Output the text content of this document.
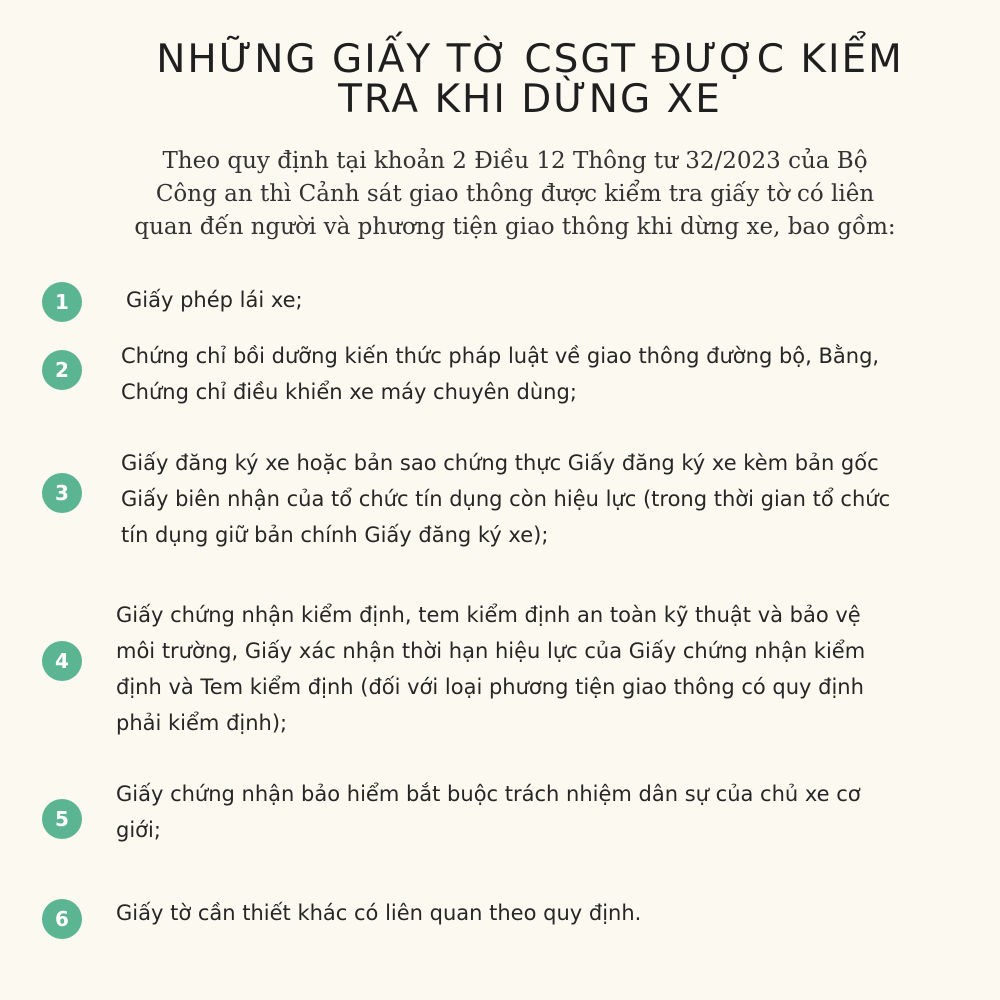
NHỮNG GIẤY TỜ CSGT ĐƯỢC KIỂM
TRA KHI DỪNG XE

Theo quy định tại khoản 2 Điều 12 Thông tư 32/2023 của Bộ Công an thì Cảnh sát giao thông được kiểm tra giấy tờ có liên quan đến người và phương tiện giao thông khi dừng xe, bao gồm:

1	Giấy phép lái xe;

2

Chứng chỉ bồi dưỡng kiến thức pháp luật về giao thông đường bộ, Bằng, Chứng chỉ điều khiển xe máy chuyên dùng;

3

Giấy đăng ký xe hoặc bản sao chứng thực Giấy đăng ký xe kèm bản gốc Giấy biên nhận của tổ chức tín dụng còn hiệu lực (trong thời gian tổ chức tín dụng giữ bản chính Giấy đăng ký xe);

4

Giấy chứng nhận kiểm định, tem kiểm định an toàn kỹ thuật và bảo vệ môi trường, Giấy xác nhận thời hạn hiệu lực của Giấy chứng nhận kiểm định và Tem kiểm định (đối với loại phương tiện giao thông có quy định phải kiểm định);

5

Giấy chứng nhận bảo hiểm bắt buộc trách nhiệm dân sự của chủ xe cơ giới;

6	Giấy tờ cần thiết khác có liên quan theo quy định.
